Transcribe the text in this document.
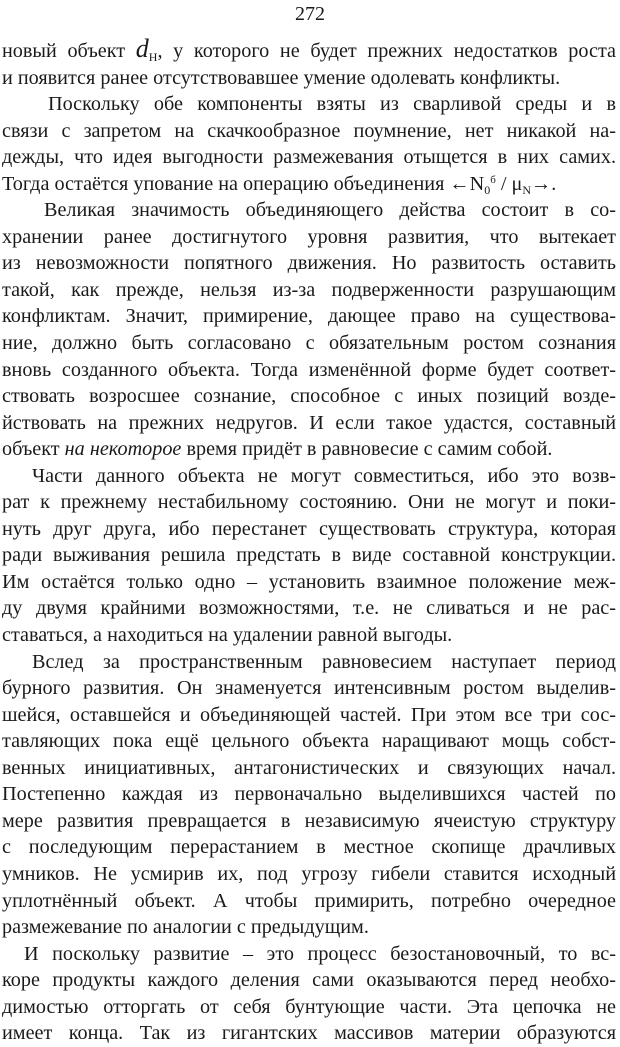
272
новый объект $d_Н$, у которого не будет прежних недостатков роста
и появится ранее отсутствовавшее умение одолевать конфликты.
Поскольку обе компоненты взяты из сварливой среды и в
связи с запретом на скачкообразное поумнение, нет никакой на-
дежды, что идея выгодности размежевания отыщется в них самих.
Тогда остаётся упование на операцию объединения $\leftarrow N_0^б / \mu_N\to$.
Великая значимость объединяющего действа состоит в со-
хранении ранее достигнутого уровня развития, что вытекает
из невозможности попятного движения. Но развитость оставить
такой, как прежде, нельзя из-за подверженности разрушающим
конфликтам. Значит, примирение, дающее право на существова-
ние, должно быть согласовано с обязательным ростом сознания
вновь созданного объекта. Тогда изменённой форме будет соответ-
ствовать возросшее сознание, способное с иных позиций возде-
йствовать на прежних недругов. И если такое удастся, составный
объект на некоторое время придёт в равновесие с самим собой.
Части данного объекта не могут совместиться, ибо это возв-
рат к прежнему нестабильному состоянию. Они не могут и поки-
нуть друг друга, ибо перестанет существовать структура, которая
ради выживания решила предстать в виде составной конструкции.
Им остаётся только одно – установить взаимное положение меж-
ду двумя крайними возможностями, т.е. не сливаться и не рас-
ставаться, а находиться на удалении равной выгоды.
Вслед за пространственным равновесием наступает период
бурного развития. Он знаменуется интенсивным ростом выделив-
шейся, оставшейся и объединяющей частей. При этом все три сос-
тавляющих пока ещё цельного объекта наращивают мощь собст-
венных инициативных, антагонистических и связующих начал.
Постепенно каждая из первоначально выделившихся частей по
мере развития превращается в независимую ячеистую структуру
с последующим перерастанием в местное скопище драчливых
умников. Не усмирив их, под угрозу гибели ставится исходный
уплотнённый объект. А чтобы примирить, потребно очередное
размежевание по аналогии с предыдущим.
И поскольку развитие – это процесс безостановочный, то вс-
коре продукты каждого деления сами оказываются перед необхо-
димостью отторгать от себя бунтующие части. Эта цепочка не
имеет конца. Так из гигантских массивов материи образуются
